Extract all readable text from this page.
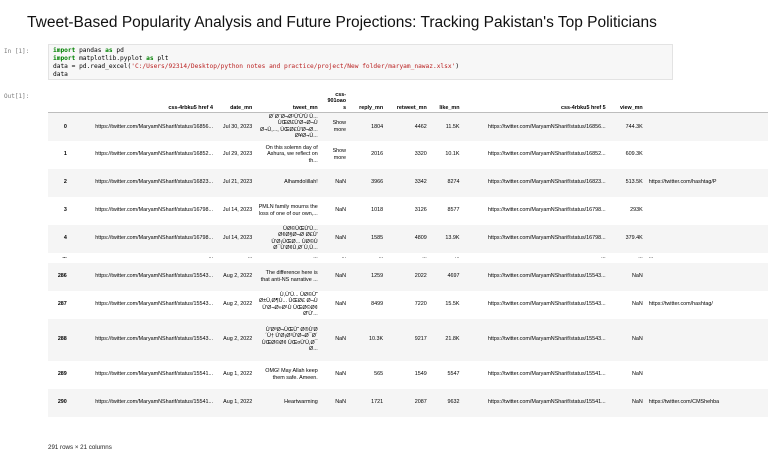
Tweet-Based Popularity Analysis and Future Projections: Tracking Pakistan's Top Politicians
In [1]:	import pandas as pd
import matplotlib.pyplot as plt
data = pd.read_excel('C:/Users/92314/Desktop/python notes and practice/project/New folder/maryam_nawaz.xlsx')
data
Out[1]:
	css-4rbku5 href 4	date_mn	tweet_mn	css-901oao s	reply_mn	retweet_mn	like_mn	css-4rbku5 href 5	view_mn	
0	https://twitter.com/MaryamNSharif/status/16856...	Jul 30, 2023	Ø´Ø¨Ø¬Ø¹Ù'Ù'Ù Ù... ÙŒØ£Ù'Ø¬Ø¬Ù Ø¬Ù,..., ÙŒØ£Ù'Ø¬Ø... Ø¥Ø¬Ù...	Show more	1804	4462	11.5K	https://twitter.com/MaryamNSharif/status/16856...	744.3K	
1	https://twitter.com/MaryamNSharif/status/16852...	Jul 29, 2023	On this solemn day of Ashura, we reflect on th...	Show more	2016	3320	10.1K	https://twitter.com/MaryamNSharif/status/16852...	609.3K	
2	https://twitter.com/MaryamNSharif/status/16823...	Jul 21, 2023	Alhamdolillah!	NaN	3966	3342	8274	https://twitter.com/MaryamNSharif/status/16823...	513.5K	https://twitter.com/hashtag/P
3	https://twitter.com/MaryamNSharif/status/16798...	Jul 14, 2023	PMLN family mourns the loss of one of our own,...	NaN	1018	3126	8577	https://twitter.com/MaryamNSharif/status/16798...	293K	
4	https://twitter.com/MaryamNSharif/status/16798...	Jul 14, 2023	ÙØ©ÙŒÙ'Ù... Ø¢Ø§Ø¬Ø Ø£Ù' Ù'Ø¡ÙŒØ... ÙØ©Ù Ø¯Ù'Ø¢Ù,Ø´Ù,Ù...	NaN	1585	4809	13.9K	https://twitter.com/MaryamNSharif/status/16798...	379.4K	
...	...	...	...	...	...	...	...	...	...	...
286	https://twitter.com/MaryamNSharif/status/15543...	Aug 2, 2022	The difference here is that anti-NS narrative ...	NaN	1259	2022	4697	https://twitter.com/MaryamNSharif/status/15543...	NaN	
287	https://twitter.com/MaryamNSharif/status/15543...	Aug 2, 2022	Ù,Ù'Ù... ÙØ©Ù˜ Ø±Ù,Ø¶Ù... ÙŒØ£ Ø¬Ù Ù'Ø¬Ø»Ø¹Ù ÙŒØ©Ø¢ Ø'Ù'...	NaN	8499	7220	15.5K	https://twitter.com/MaryamNSharif/status/15543...	NaN	https://twitter.com/hashtag/
288	https://twitter.com/MaryamNSharif/status/15543...	Aug 2, 2022	Ù'Ø³Ø¬ÙŒÙ˜ Ø®Ù'Ø´Ù† Ù'Ø¡Ø¹Ù'Ø¬Ø¯Ø´ ÙŒØ©Ø¢ ÙŒ¤Ù'Ù,Ø¯ Ø...	NaN	10.3K	9217	21.8K	https://twitter.com/MaryamNSharif/status/15543...	NaN	
289	https://twitter.com/MaryamNSharif/status/15541...	Aug 1, 2022	OMG! May Allah keep them safe. Ameen.	NaN	565	1549	5547	https://twitter.com/MaryamNSharif/status/15541...	NaN	
290	https://twitter.com/MaryamNSharif/status/15541...	Aug 1, 2022	Heartwarming	NaN	1721	2087	9632	https://twitter.com/MaryamNSharif/status/15541...	NaN	https://twitter.com/CMShehba
291 rows × 21 columns
